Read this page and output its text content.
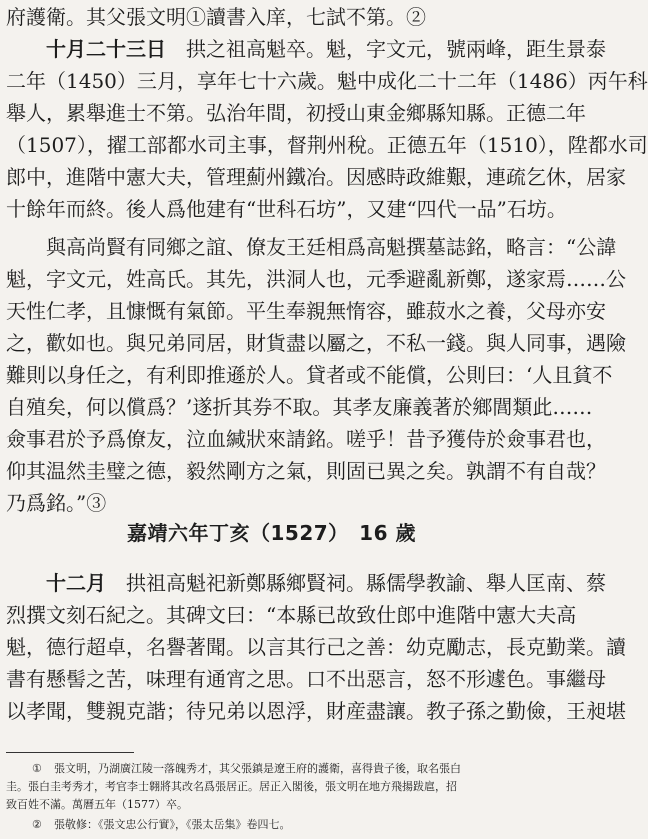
府護衛。其父張文明①讀書入庠，七試不第。②
十月二十三日　 拱之祖高魁卒。魁，字文元，號兩峰，距生景泰
二年（1450）三月，享年七十六歲。魁中成化二十二年（1486）丙午科
舉人，累舉進士不第。弘治年間，初授山東金鄉縣知縣。正德二年
（1507），擢工部都水司主事，督荆州稅。正德五年（1510），陞都水司
郎中，進階中憲大夫，管理薊州鐵冶。因感時政維艱，連疏乞休，居家
十餘年而終。後人爲他建有“世科石坊”，又建“四代一品”石坊。
與高尚賢有同鄉之誼、僚友王廷相爲高魁撰墓誌銘，略言：“公諱
魁，字文元，姓高氏。其先，洪洞人也，元季避亂新鄭，遂家焉……公
天性仁孝，且慷慨有氣節。平生奉親無惰容，雖菽水之養，父母亦安
之，歡如也。與兄弟同居，財貨盡以屬之，不私一錢。與人同事，遇險
難則以身任之，有利即推遜於人。貸者或不能償，公則曰：‘人且貧不
自殖矣，何以償爲？’遂折其券不取。其孝友廉義著於鄉閭類此……
僉事君於予爲僚友，泣血緘狀來請銘。嗟乎！昔予獲侍於僉事君也，
仰其温然圭璧之德，毅然剛方之氣，則固已異之矣。孰謂不有自哉？
乃爲銘。”③
嘉靖六年丁亥（1527）　16 歲
十二月　 拱祖高魁祀新鄭縣鄉賢祠。縣儒學教諭、舉人匡南、蔡
烈撰文刻石紀之。其碑文曰：“本縣已故致仕郎中進階中憲大夫高
魁，德行超卓，名譽著聞。以言其行己之善：幼克勵志，長克勤業。讀
書有懸髻之苦，味理有通宵之思。口不出惡言，怒不形遽色。事繼母
以孝聞，雙親克諧；待兄弟以恩浮，財産盡讓。教子孫之勤儉，王昶堪
① 張文明，乃湖廣江陵一落魄秀才，其父張鎮是遼王府的護衛，喜得貴子後，取名張白
圭。張白圭考秀才，考官李士翱將其改名爲張居正。居正入閣後，張文明在地方飛揚跋扈，招
致百姓不滿。萬曆五年（1577）卒。
② 張敬修：《張文忠公行實》，《張太岳集》卷四七。
